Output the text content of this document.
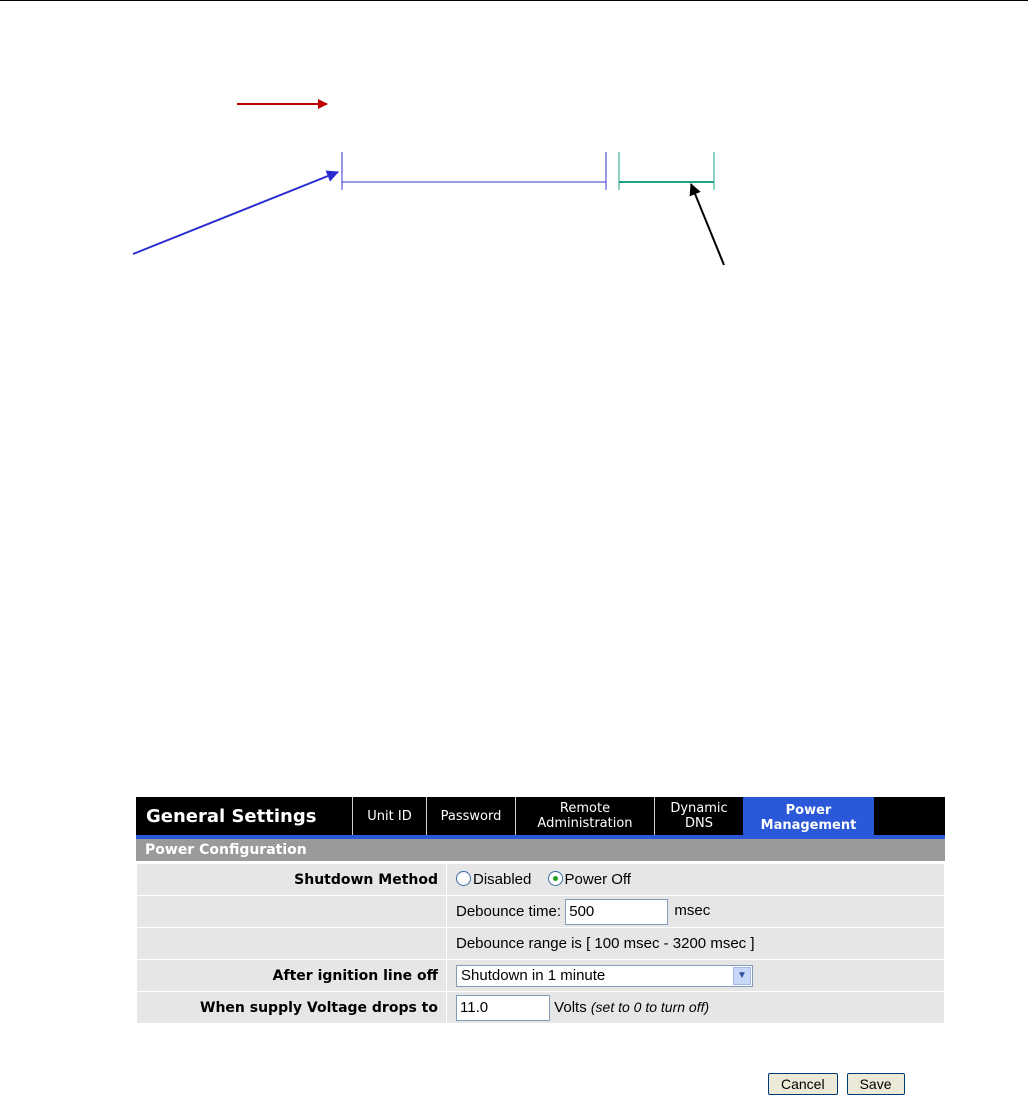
General Settings	Unit ID Password	Remote Administration
Dynamic DNS
Power Management
Power Configuration
Shutdown Method	Disabled Power Off
	Debounce time: 500 msec
	Debounce range is [ 100 msec - 3200 msec ]
After ignition line off	Shutdown in 1 minute ▼

When supply Voltage drops to	11.0Volts (set to 0 to turn off)
Cancel	Save
